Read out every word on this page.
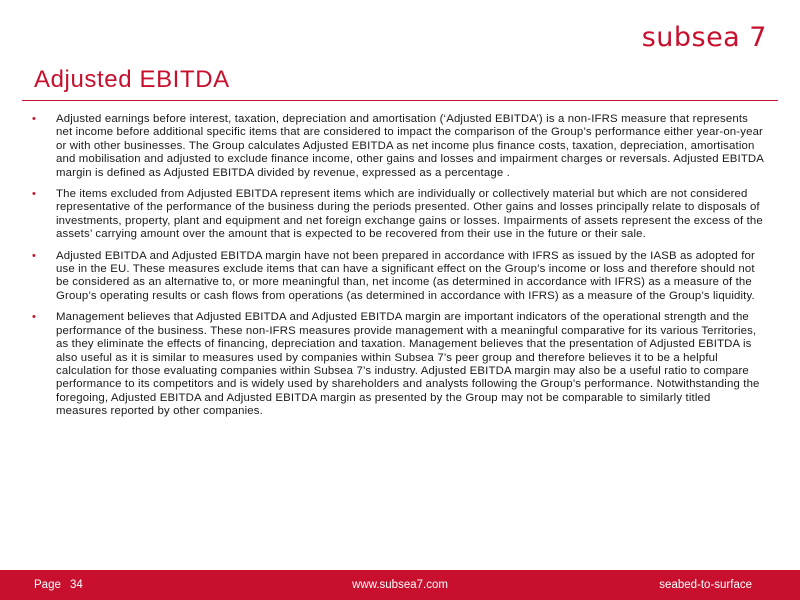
subsea 7
Adjusted EBITDA
• Adjusted earnings before interest, taxation, depreciation and amortisation (‘Adjusted EBITDA’) is a non-IFRS measure that represents net income before additional specific items that are considered to impact the comparison of the Group’s performance either year-on-year or with other businesses. The Group calculates Adjusted EBITDA as net income plus finance costs, taxation, depreciation, amortisation and mobilisation and adjusted to exclude finance income, other gains and losses and impairment charges or reversals. Adjusted EBITDA margin is defined as Adjusted EBITDA divided by revenue, expressed as a percentage .
• The items excluded from Adjusted EBITDA represent items which are individually or collectively material but which are not considered representative of the performance of the business during the periods presented. Other gains and losses principally relate to disposals of investments, property, plant and equipment and net foreign exchange gains or losses. Impairments of assets represent the excess of the assets’ carrying amount over the amount that is expected to be recovered from their use in the future or their sale.
• Adjusted EBITDA and Adjusted EBITDA margin have not been prepared in accordance with IFRS as issued by the IASB as adopted for use in the EU. These measures exclude items that can have a significant effect on the Group’s income or loss and therefore should not be considered as an alternative to, or more meaningful than, net income (as determined in accordance with IFRS) as a measure of the Group’s operating results or cash flows from operations (as determined in accordance with IFRS) as a measure of the Group’s liquidity.
• Management believes that Adjusted EBITDA and Adjusted EBITDA margin are important indicators of the operational strength and the performance of the business. These non-IFRS measures provide management with a meaningful comparative for its various Territories, as they eliminate the effects of financing, depreciation and taxation. Management believes that the presentation of Adjusted EBITDA is also useful as it is similar to measures used by companies within Subsea 7’s peer group and therefore believes it to be a helpful calculation for those evaluating companies within Subsea 7’s industry. Adjusted EBITDA margin may also be a useful ratio to compare performance to its competitors and is widely used by shareholders and analysts following the Group’s performance. Notwithstanding the foregoing, Adjusted EBITDA and Adjusted EBITDA margin as presented by the Group may not be comparable to similarly titled measures reported by other companies.
Page 34	www.subsea7.com	seabed-to-surface
